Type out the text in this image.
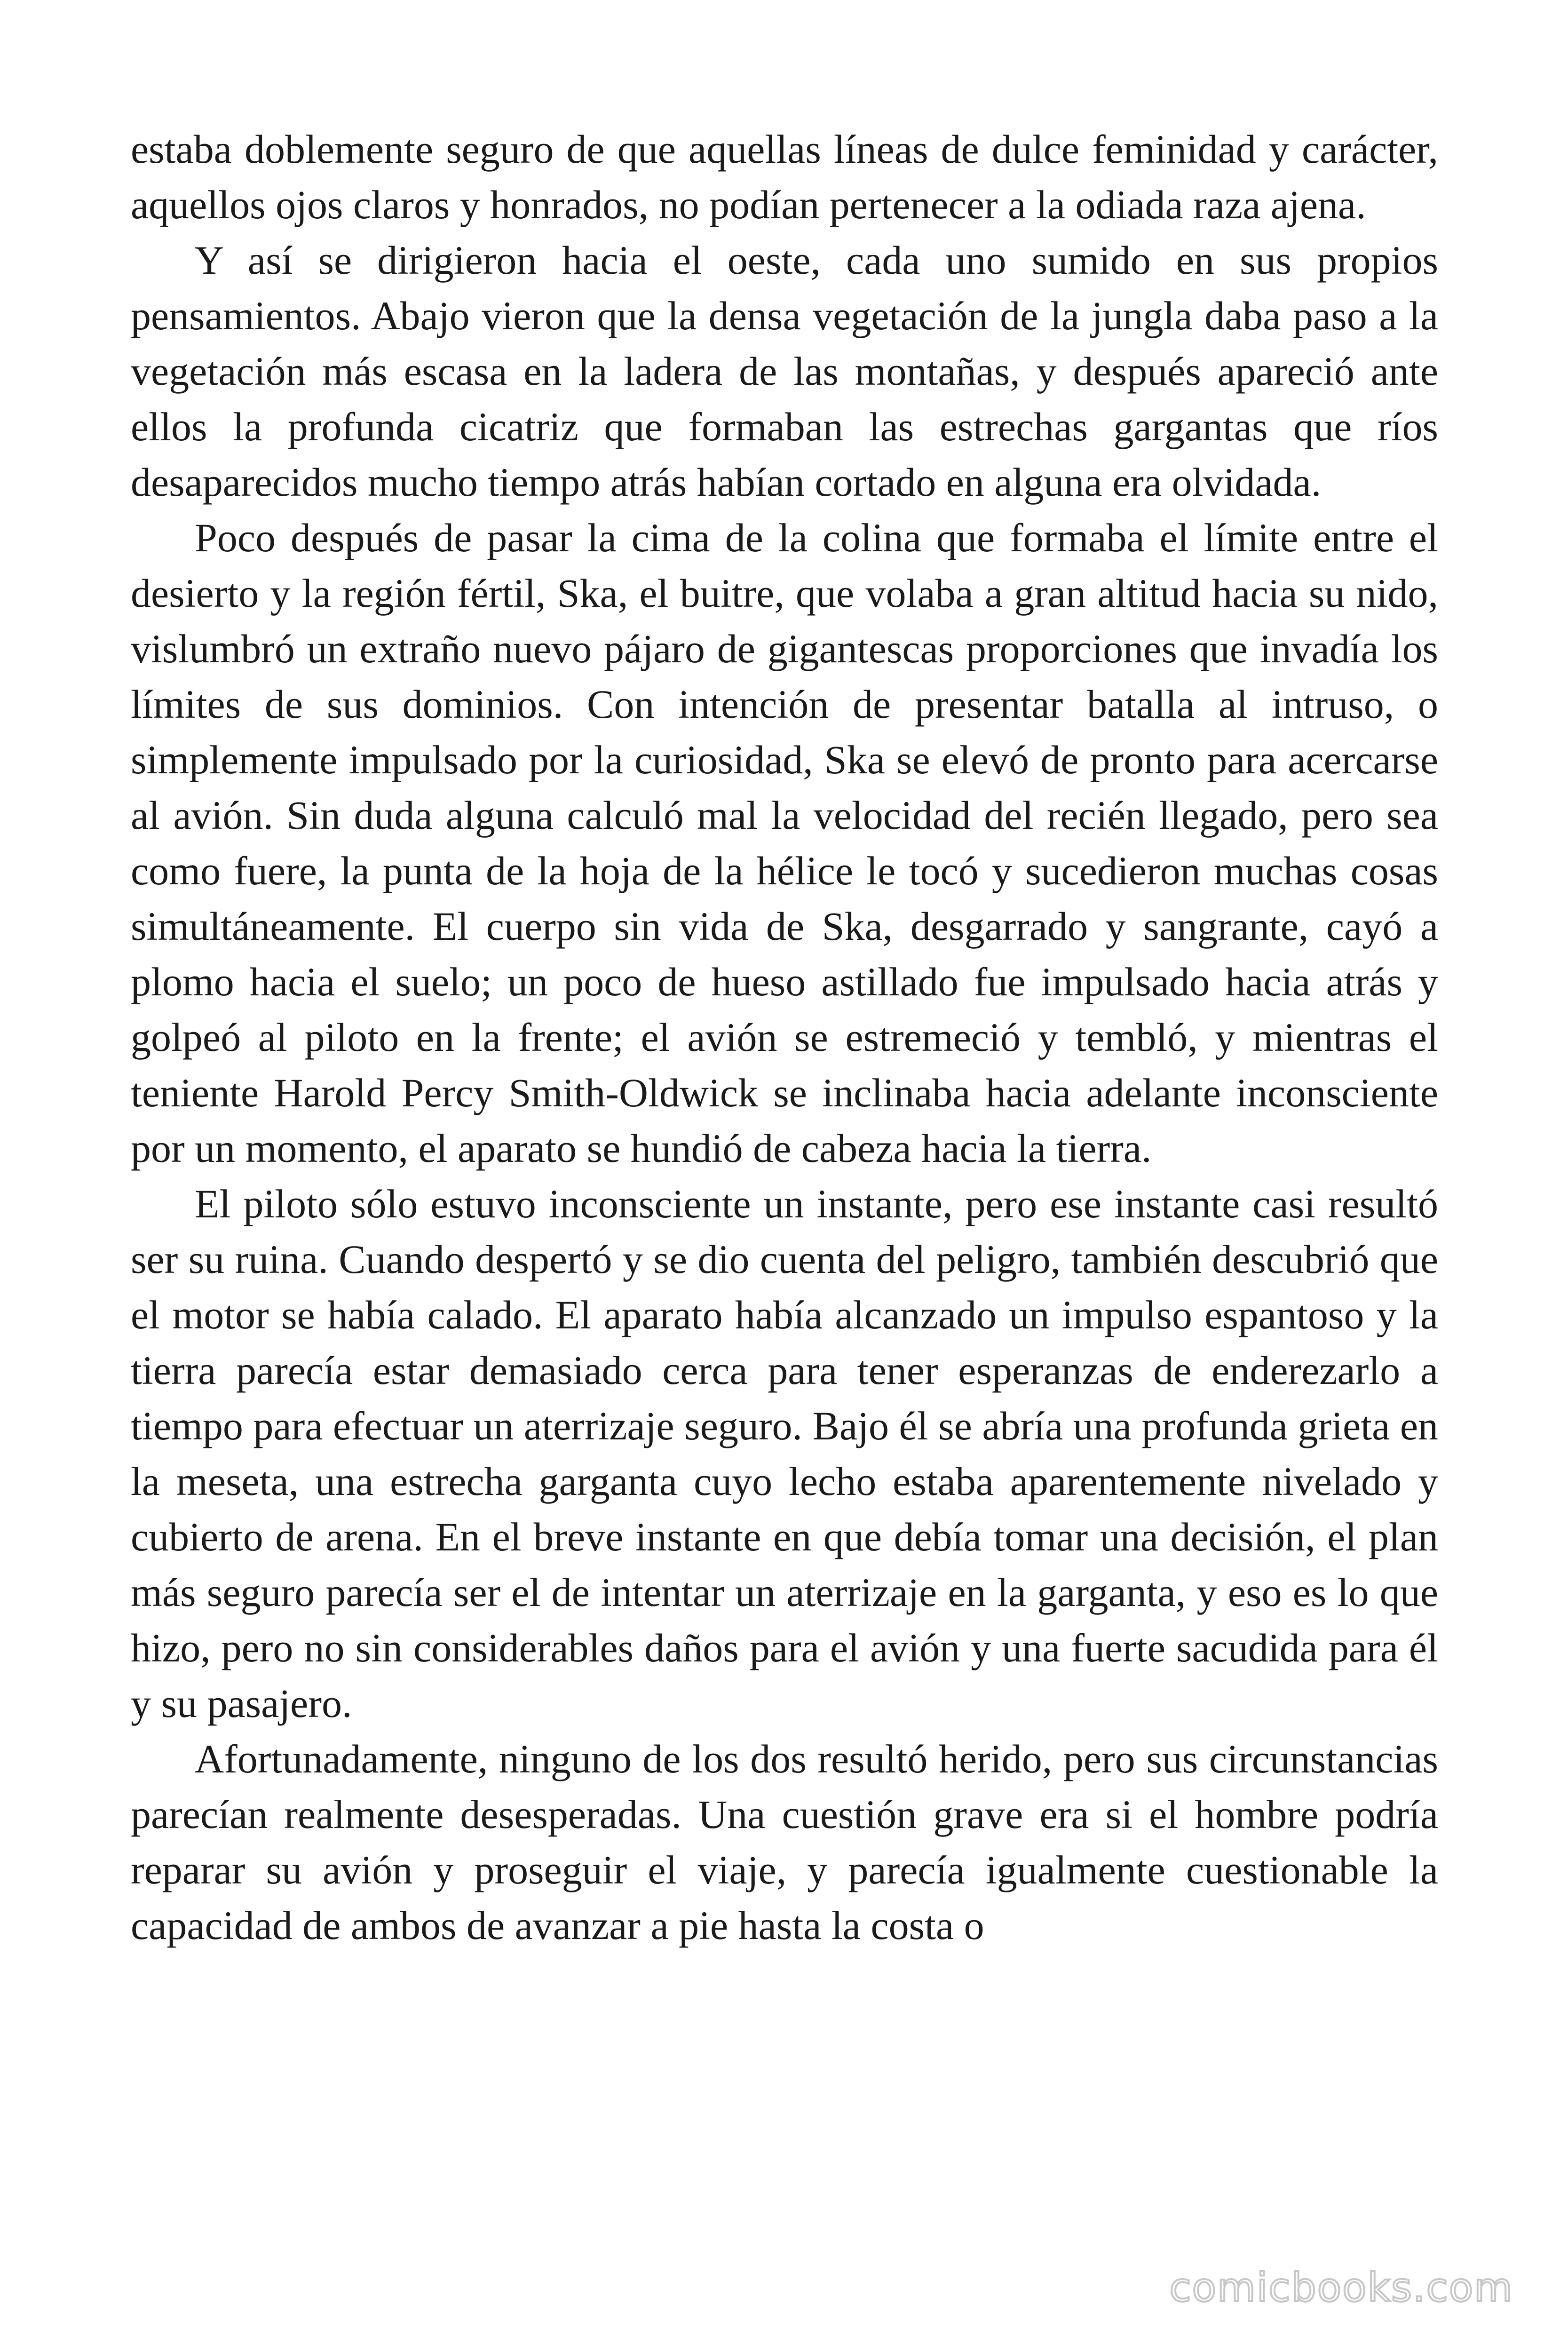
estaba doblemente seguro de que aquellas líneas de dulce feminidad y carácter, aquellos ojos claros y honrados, no podían pertenecer a la odiada raza ajena.

Y así se dirigieron hacia el oeste, cada uno sumido en sus propios pensamientos. Abajo vieron que la densa vegetación de la jungla daba paso a la vegetación más escasa en la ladera de las montañas, y después apareció ante ellos la profunda cicatriz que formaban las estrechas gargantas que ríos desaparecidos mucho tiempo atrás habían cortado en alguna era olvidada.

Poco después de pasar la cima de la colina que formaba el límite entre el desierto y la región fértil, Ska, el buitre, que volaba a gran altitud hacia su nido, vislumbró un extraño nuevo pájaro de gigantescas proporciones que invadía los límites de sus dominios. Con intención de presentar batalla al intruso, o simplemente impulsado por la curiosidad, Ska se elevó de pronto para acercarse al avión. Sin duda alguna calculó mal la velocidad del recién llegado, pero sea como fuere, la punta de la hoja de la hélice le tocó y sucedieron muchas cosas simultáneamente. El cuerpo sin vida de Ska, desgarrado y sangrante, cayó a plomo hacia el suelo; un poco de hueso astillado fue impulsado hacia atrás y golpeó al piloto en la frente; el avión se estremeció y tembló, y mientras el teniente Harold Percy Smith-Oldwick se inclinaba hacia adelante inconsciente por un momento, el aparato se hundió de cabeza hacia la tierra.

El piloto sólo estuvo inconsciente un instante, pero ese instante casi resultó ser su ruina. Cuando despertó y se dio cuenta del peligro, también descubrió que el motor se había calado. El aparato había alcanzado un impulso espantoso y la tierra parecía estar demasiado cerca para tener esperanzas de enderezarlo a tiempo para efectuar un aterrizaje seguro. Bajo él se abría una profunda grieta en la meseta, una estrecha garganta cuyo lecho estaba aparentemente nivelado y cubierto de arena. En el breve instante en que debía tomar una decisión, el plan más seguro parecía ser el de intentar un aterrizaje en la garganta, y eso es lo que hizo, pero no sin considerables daños para el avión y una fuerte sacudida para él y su pasajero.

Afortunadamente, ninguno de los dos resultó herido, pero sus circunstancias parecían realmente desesperadas. Una cuestión grave era si el hombre podría reparar su avión y proseguir el viaje, y parecía igualmente cuestionable la capacidad de ambos de avanzar a pie hasta la costa o

comicbooks.com
